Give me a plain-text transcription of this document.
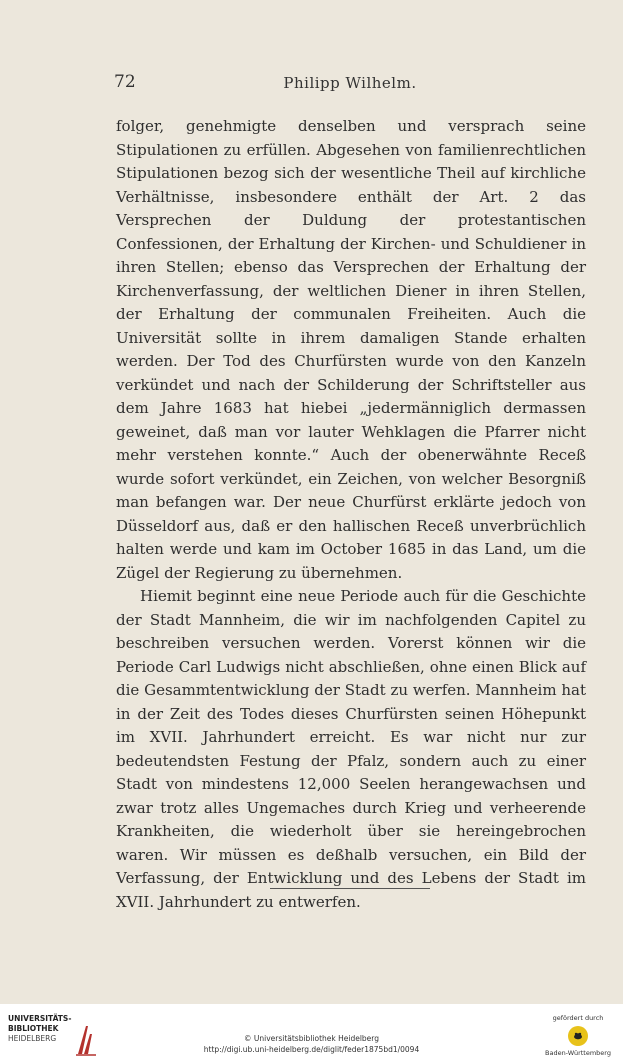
72	Philipp Wilhelm.

folger, genehmigte denselben und versprach seine Stipulationen zu erfüllen. Abgesehen von familienrechtlichen Stipulationen bezog sich der wesentliche Theil auf kirchliche Verhältnisse, insbesondere enthält der Art. 2 das Versprechen der Duldung der protestantischen Confessionen, der Erhaltung der Kirchen- und Schuldiener in ihren Stellen; ebenso das Versprechen der Erhaltung der Kirchenverfassung, der weltlichen Diener in ihren Stellen, der Erhaltung der communalen Freiheiten. Auch die Universität sollte in ihrem damaligen Stande erhalten werden. Der Tod des Churfürsten wurde von den Kanzeln verkündet und nach der Schilderung der Schriftsteller aus dem Jahre 1683 hat hiebei „jedermänniglich dermassen geweinet, daß man vor lauter Wehklagen die Pfarrer nicht mehr verstehen konnte.“ Auch der obenerwähnte Receß wurde sofort verkündet, ein Zeichen, von welcher Besorgniß man befangen war. Der neue Churfürst erklärte jedoch von Düsseldorf aus, daß er den hallischen Receß unverbrüchlich halten werde und kam im October 1685 in das Land, um die Zügel der Regierung zu übernehmen.

Hiemit beginnt eine neue Periode auch für die Geschichte der Stadt Mannheim, die wir im nachfolgenden Capitel zu beschreiben versuchen werden. Vorerst können wir die Periode Carl Ludwigs nicht abschließen, ohne einen Blick auf die Gesammtentwicklung der Stadt zu werfen. Mannheim hat in der Zeit des Todes dieses Churfürsten seinen Höhepunkt im XVII. Jahrhundert erreicht. Es war nicht nur zur bedeutendsten Festung der Pfalz, sondern auch zu einer Stadt von mindestens 12,000 Seelen herangewachsen und zwar trotz alles Ungemaches durch Krieg und verheerende Krankheiten, die wiederholt über sie hereingebrochen waren. Wir müssen es deßhalb versuchen, ein Bild der Verfassung, der Entwicklung und des Lebens der Stadt im XVII. Jahrhundert zu entwerfen.

UNIVERSITÄTS-
BIBLIOTHEK
HEIDELBERG	© Universitätsbibliothek Heidelberg
http://digi.ub.uni-heidelberg.de/diglit/feder1875bd1/0094
gefördert durch
Baden-Württemberg
